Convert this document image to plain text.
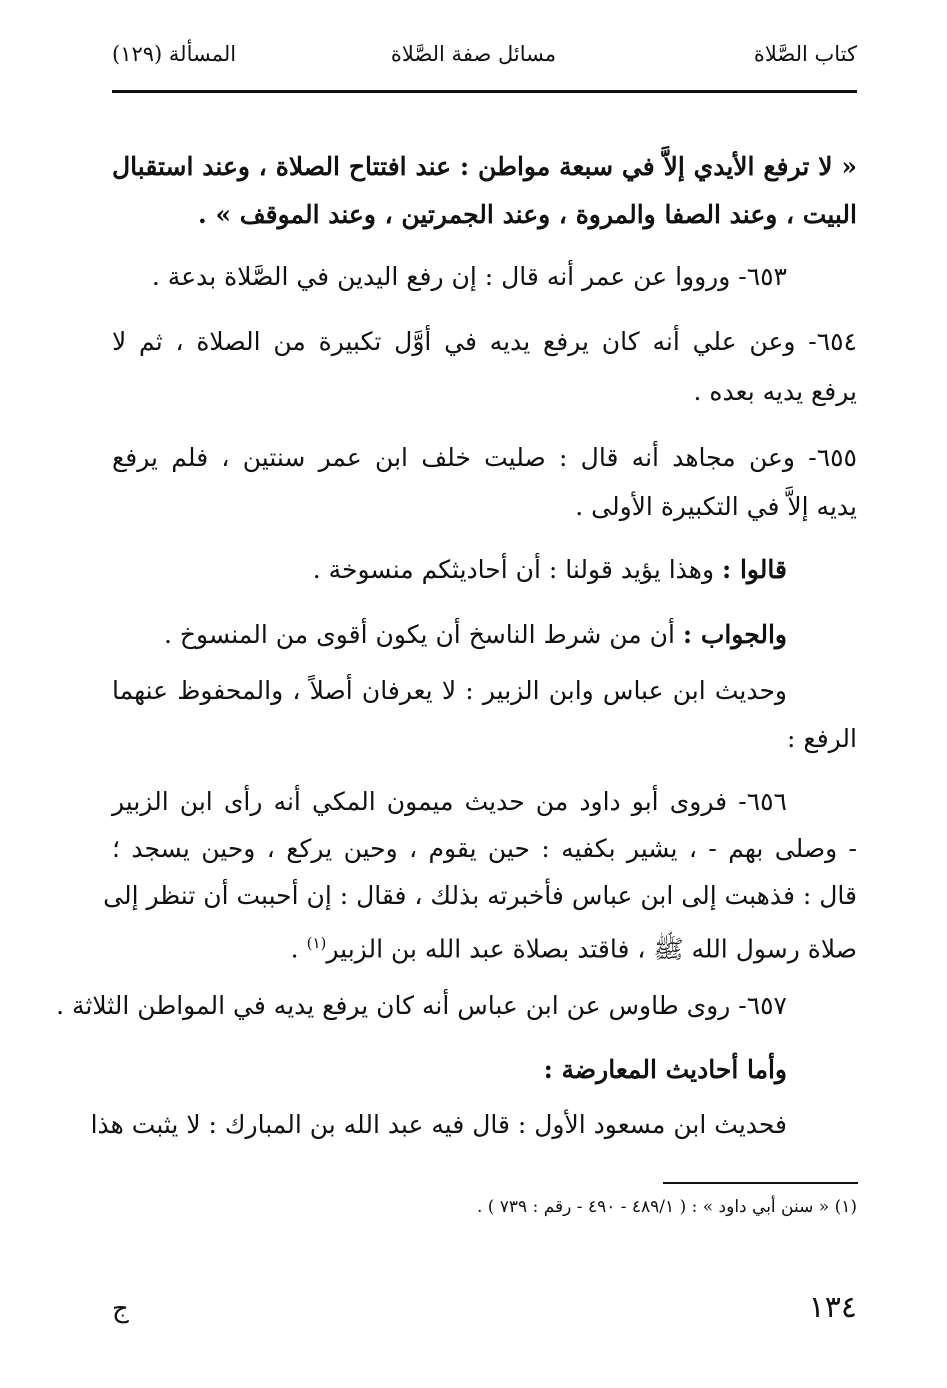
كتاب الصَّلاة
مسائل صفة الصَّلاة
المسألة (١٢٩)
« لا ترفع الأيدي إلاَّ في سبعة مواطن : عند افتتاح الصلاة ، وعند استقبال
البيت ، وعند الصفا والمروة ، وعند الجمرتين ، وعند الموقف » .
٦٥٣- ورووا عن عمر أنه قال : إن رفع اليدين في الصَّلاة بدعة .
٦٥٤- وعن علي أنه كان يرفع يديه في أوَّل تكبيرة من الصلاة ، ثم لا
يرفع يديه بعده .
٦٥٥- وعن مجاهد أنه قال : صليت خلف ابن عمر سنتين ، فلم يرفع
يديه إلاَّ في التكبيرة الأولى .
قالوا : وهذا يؤيد قولنا : أن أحاديثكم منسوخة .
والجواب : أن من شرط الناسخ أن يكون أقوى من المنسوخ .
وحديث ابن عباس وابن الزبير : لا يعرفان أصلاً ، والمحفوظ عنهما
الرفع :
٦٥٦- فروى أبو داود من حديث ميمون المكي أنه رأى ابن الزبير
- وصلى بهم - ، يشير بكفيه : حين يقوم ، وحين يركع ، وحين يسجد ؛
قال : فذهبت إلى ابن عباس فأخبرته بذلك ، فقال : إن أحببت أن تنظر إلى
صلاة رسول الله ﷺ ، فاقتد بصلاة عبد الله بن الزبير$^{(١)}$ .
٦٥٧- روى طاوس عن ابن عباس أنه كان يرفع يديه في المواطن الثلاثة .
وأما أحاديث المعارضة :
فحديث ابن مسعود الأول : قال فيه عبد الله بن المبارك : لا يثبت هذا
(١) « سنن أبي داود » : ( ٤٨٩/١ - ٤٩٠ - رقم : ٧٣٩ ) .
١٣٤
ج
